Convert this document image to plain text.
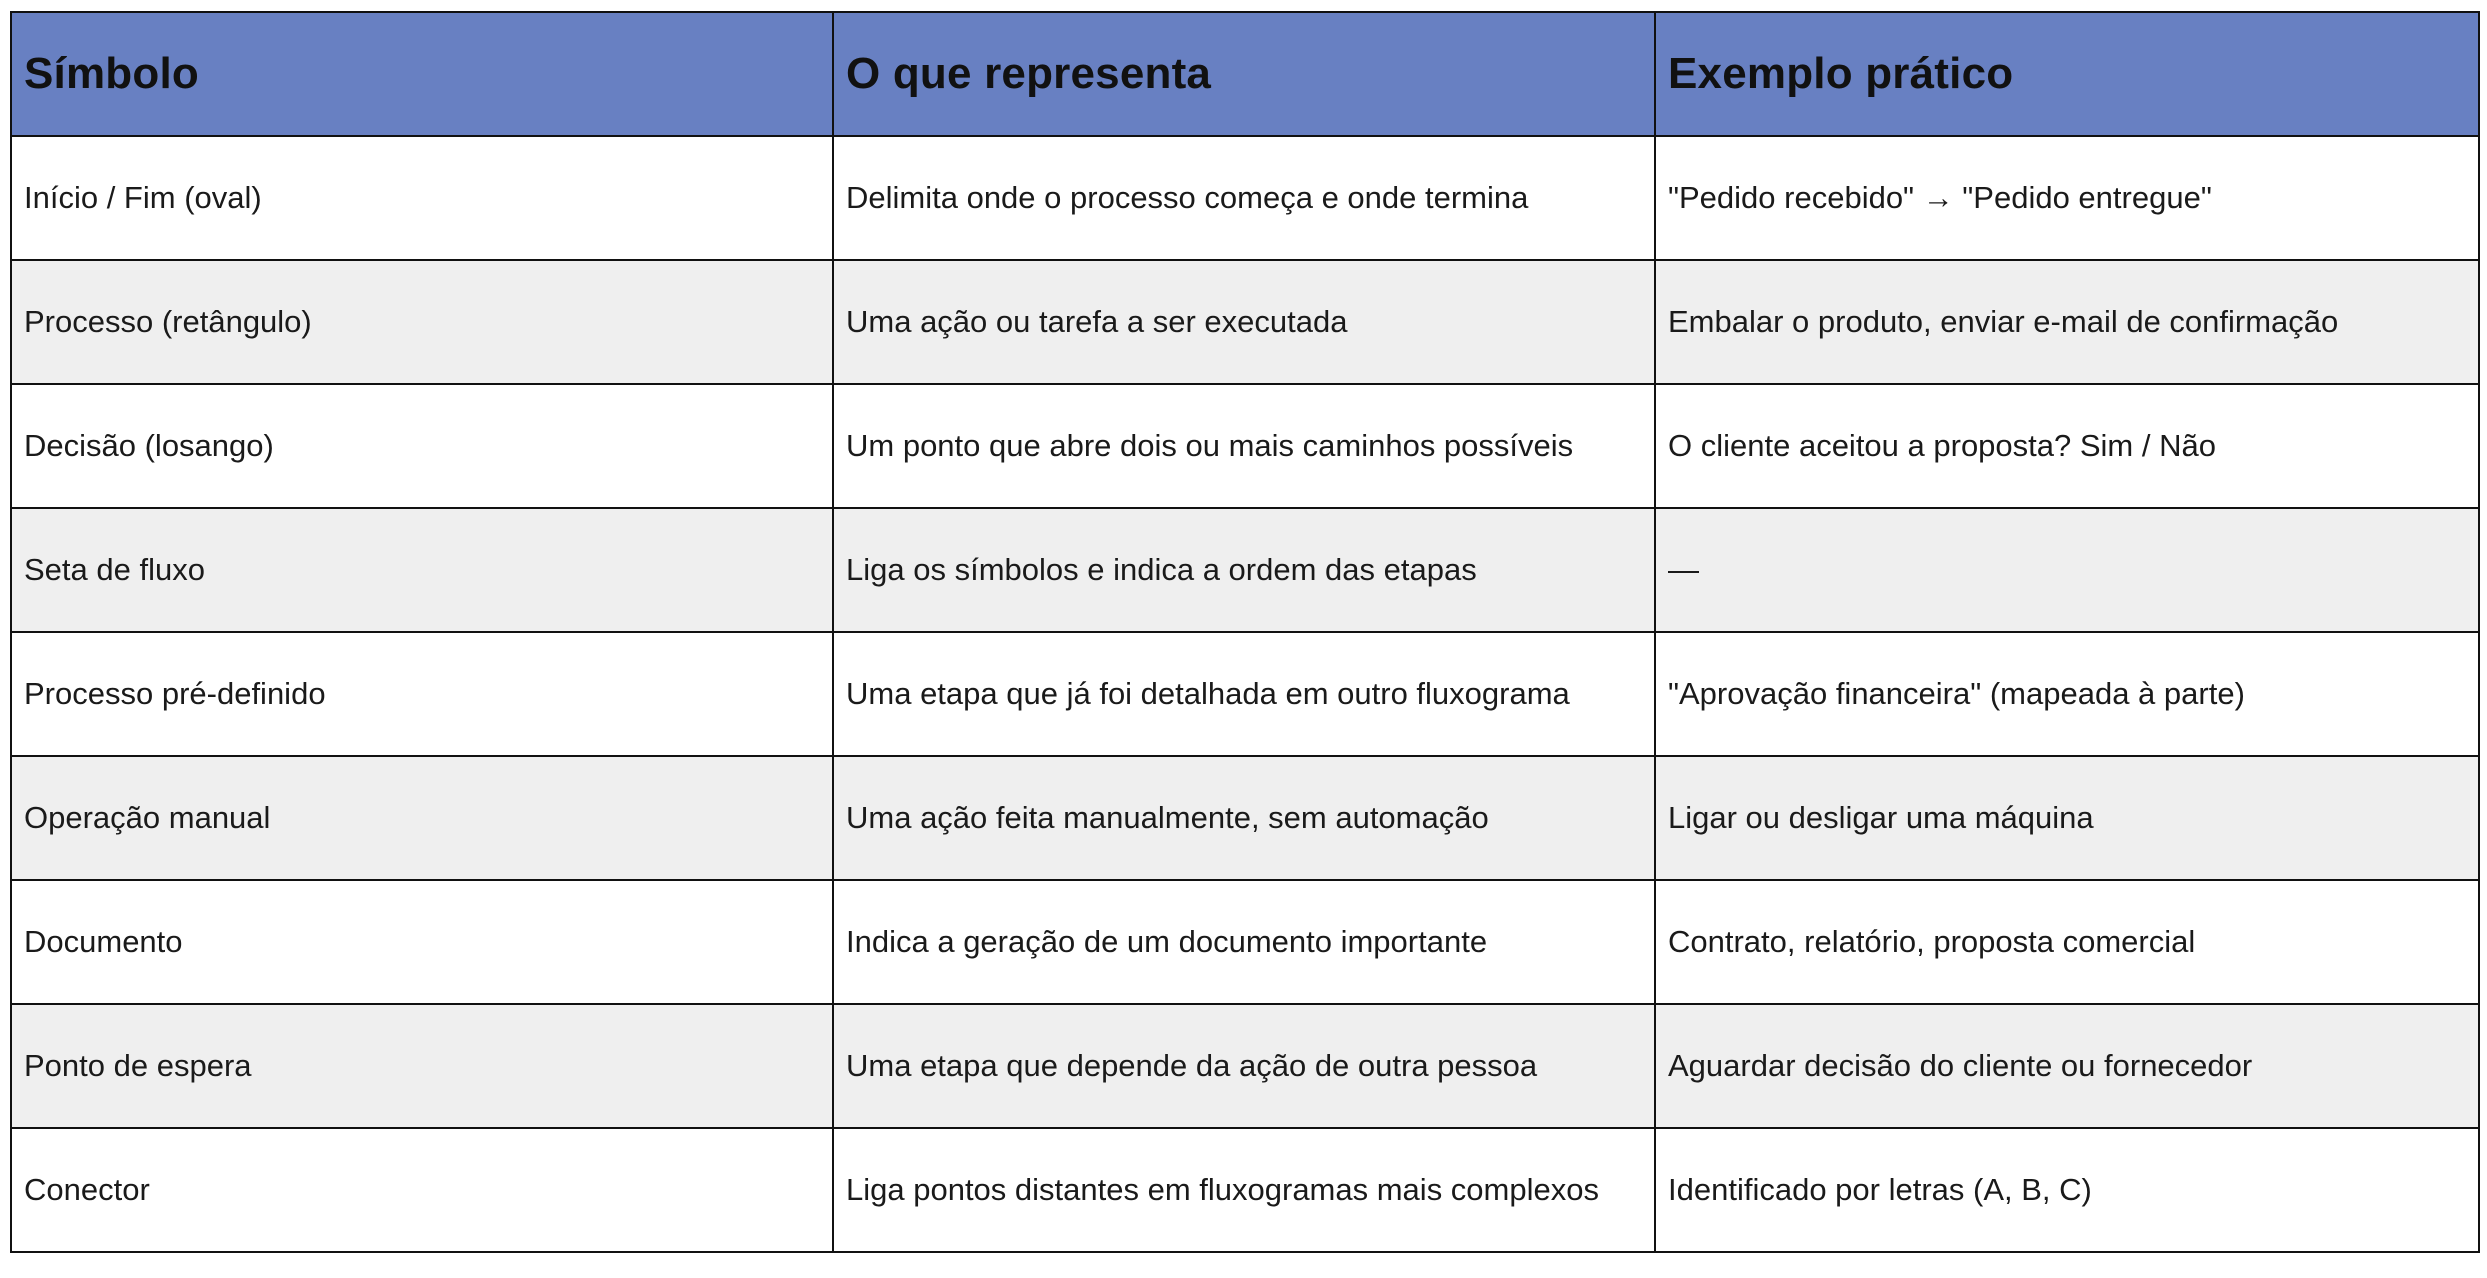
Símbolo	O que representa	Exemplo prático
Início / Fim (oval)	Delimita onde o processo começa e onde termina	"Pedido recebido" → "Pedido entregue"
Processo (retângulo)	Uma ação ou tarefa a ser executada	Embalar o produto, enviar e-mail de confirmação
Decisão (losango)	Um ponto que abre dois ou mais caminhos possíveis	O cliente aceitou a proposta? Sim / Não
Seta de fluxo	Liga os símbolos e indica a ordem das etapas	—
Processo pré-definido	Uma etapa que já foi detalhada em outro fluxograma	"Aprovação financeira" (mapeada à parte)
Operação manual	Uma ação feita manualmente, sem automação	Ligar ou desligar uma máquina
Documento	Indica a geração de um documento importante	Contrato, relatório, proposta comercial
Ponto de espera	Uma etapa que depende da ação de outra pessoa	Aguardar decisão do cliente ou fornecedor
Conector	Liga pontos distantes em fluxogramas mais complexos	Identificado por letras (A, B, C)
